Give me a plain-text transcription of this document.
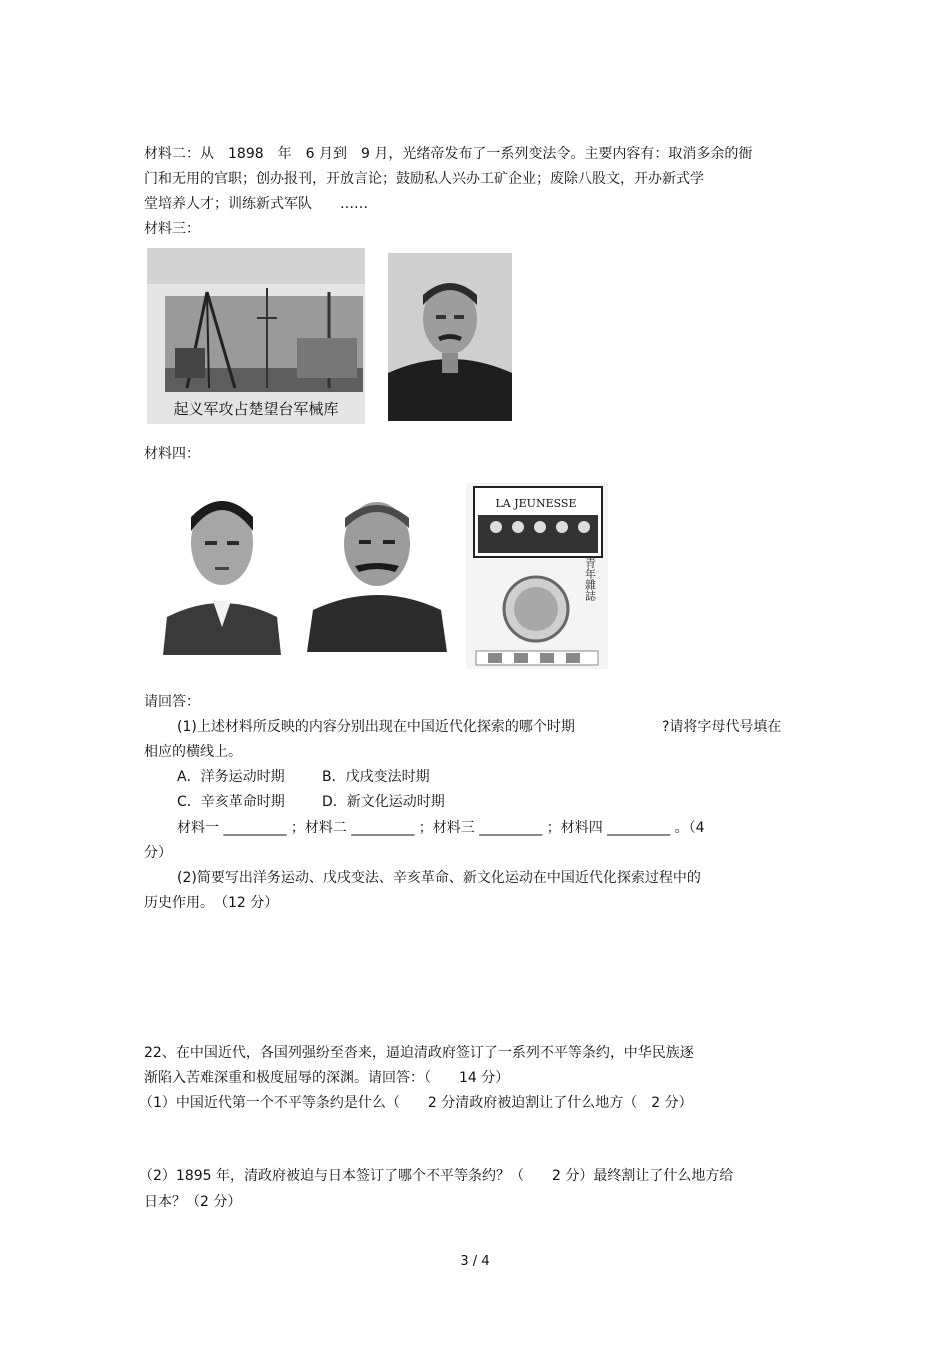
材料二：从　1898　年　6 月到　9 月，光绪帝发布了一系列变法令。主要内容有：取消多余的衙
门和无用的官职；创办报刊，开放言论；鼓励私人兴办工矿企业；废除八股文，开办新式学
堂培养人才；训练新式军队　　……
材料三：
起义军攻占楚望台军械库
材料四：
LA JEUNESSE
青年雜誌
请回答：
(1)上述材料所反映的内容分别出现在中国近代化探索的哪个时期	?请将字母代号填在
相应的横线上。
A．洋务运动时期	B．戊戌变法时期
C．辛亥革命时期	D．新文化运动时期
材料一 _________ ；材料二 _________ ；材料三 _________ ；材料四 _________ 。（4
分）
(2)简要写出洋务运动、戊戌变法、辛亥革命、新文化运动在中国近代化探索过程中的
历史作用。　（12 分）
22、在中国近代，各国列强纷至沓来，逼迫清政府签订了一系列不平等条约，中华民族逐
渐陷入苦难深重和极度屈辱的深渊。请回答：（　　14 分）
（1）中国近代第一个不平等条约是什么（　　2 分清政府被迫割让了什么地方（　2 分）
（2）1895 年，清政府被迫与日本签订了哪个不平等条约？（　　2 分）最终割让了什么地方给
日本？（2 分）
3 / 4
